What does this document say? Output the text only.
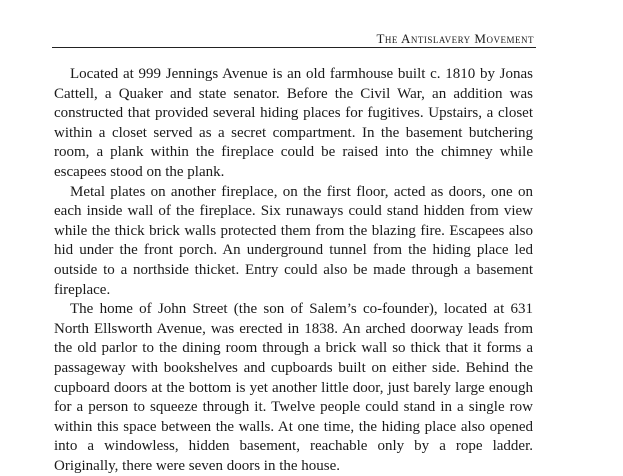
The Antislavery Movement

Located at 999 Jennings Avenue is an old farmhouse built c. 1810 by Jonas Cattell, a Quaker and state senator. Before the Civil War, an addition was constructed that provided several hiding places for fugitives. Upstairs, a closet within a closet served as a secret compartment. In the basement butchering room, a plank within the fireplace could be raised into the chimney while escapees stood on the plank.

Metal plates on another fireplace, on the first floor, acted as doors, one on each inside wall of the fireplace. Six runaways could stand hidden from view while the thick brick walls protected them from the blazing fire. Escapees also hid under the front porch. An underground tunnel from the hiding place led outside to a northside thicket. Entry could also be made through a basement fireplace.

The home of John Street (the son of Salem’s co-founder), located at 631 North Ellsworth Avenue, was erected in 1838. An arched doorway leads from the old parlor to the dining room through a brick wall so thick that it forms a passageway with bookshelves and cupboards built on either side. Behind the cupboard doors at the bottom is yet another little door, just barely large enough for a person to squeeze through it. Twelve people could stand in a single row within this space between the walls. At one time, the hiding place also opened into a windowless, hidden basement, reachable only by a rope ladder. Originally, there were seven doors in the house.
